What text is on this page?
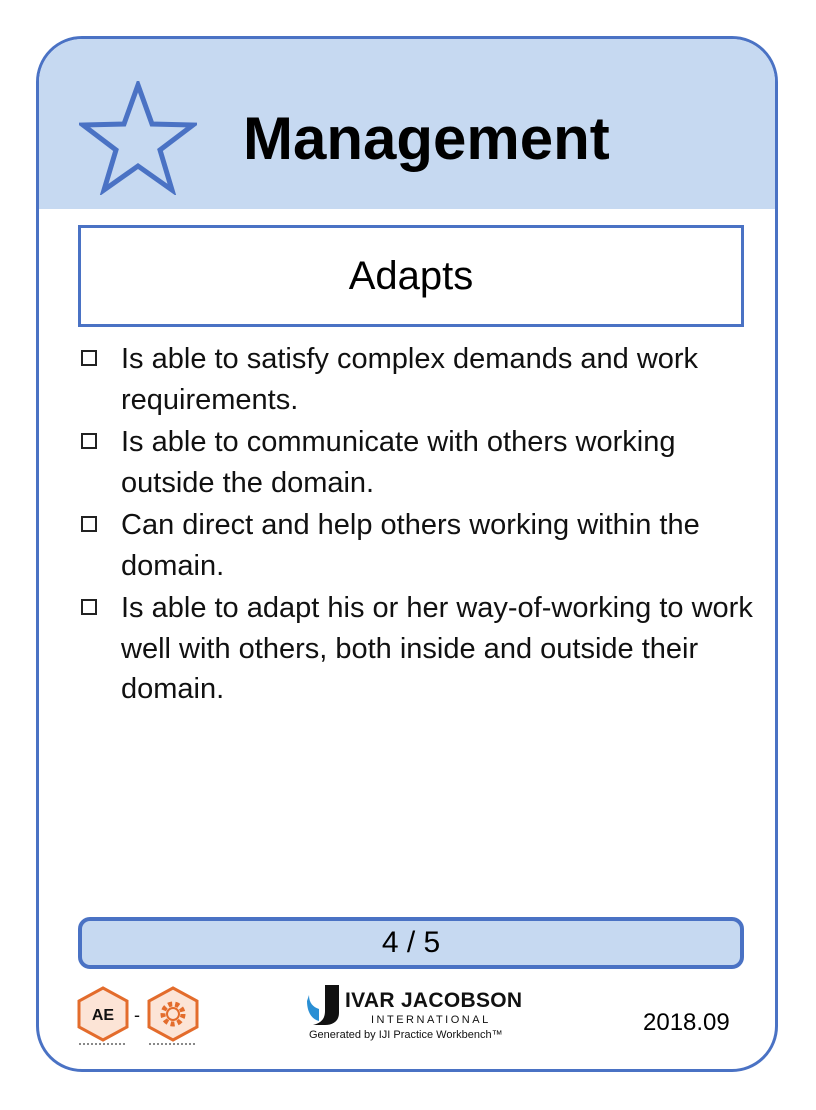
Management
Adapts
Is able to satisfy complex demands and work requirements.
Is able to communicate with others working outside the domain.
Can direct and help others working within the domain.
Is able to adapt his or her way-of-working to work well with others, both inside and outside their domain.
4 / 5
AE -
IVAR JACOBSON
INTERNATIONAL
Generated by IJI Practice Workbench™	2018.09
